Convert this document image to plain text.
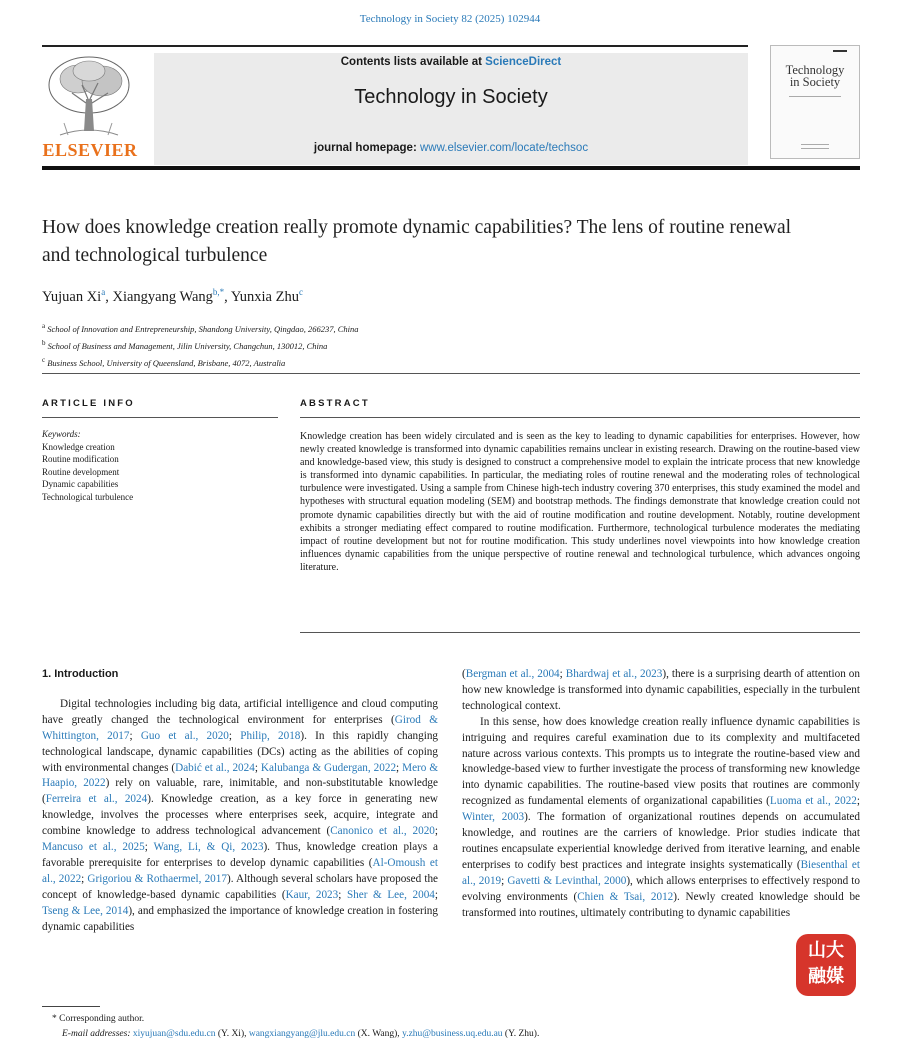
Technology in Society 82 (2025) 102944
ELSEVIER
Contents lists available at ScienceDirect
Technology in Society
journal homepage: www.elsevier.com/locate/techsoc
Technology
in Society
How does knowledge creation really promote dynamic capabilities? The lens of routine renewal and technological turbulence
Yujuan Xi$^a$, Xiangyang Wang$^{b,*}$, Yunxia Zhu$^c$
$^a$ School of Innovation and Entrepreneurship, Shandong University, Qingdao, 266237, China
$^b$ School of Business and Management, Jilin University, Changchun, 130012, China
$^c$ Business School, University of Queensland, Brisbane, 4072, Australia
ARTICLE INFO	ABSTRACT
Keywords:
Knowledge creation
Routine modification
Routine development
Dynamic capabilities
Technological turbulence
Knowledge creation has been widely circulated and is seen as the key to leading to dynamic capabilities for enterprises. However, how newly created knowledge is transformed into dynamic capabilities remains unclear in existing research. Drawing on the routine-based view and knowledge-based view, this study is designed to construct a comprehensive model to explain the intricate process that new knowledge is transformed into dynamic capabilities. In particular, the mediating roles of routine renewal and the moderating roles of technological turbulence were investigated. Using a sample from Chinese high-tech industry covering 370 enterprises, this study examined the model and hypotheses with structural equation modeling (SEM) and bootstrap methods. The findings demonstrate that knowledge creation could not promote dynamic capabilities directly but with the aid of routine modification and routine development. Notably, routine development exhibits a stronger mediating effect compared to routine modification. Furthermore, technological turbulence moderates the mediating impact of routine development but not for routine modification. This study underlines novel viewpoints into how knowledge creation influences dynamic capabilities from the unique perspective of routine renewal and technological turbulence, which advances ongoing literature.
1. Introduction

Digital technologies including big data, artificial intelligence and cloud computing have greatly changed the technological environment for enterprises (Girod & Whittington, 2017; Guo et al., 2020; Philip, 2018). In this rapidly changing technological landscape, dynamic capabilities (DCs) acting as the abilities of coping with environmental changes (Dabić et al., 2024; Kalubanga & Gudergan, 2022; Mero & Haapio, 2022) rely on valuable, rare, inimitable, and non-substitutable knowledge (Ferreira et al., 2024). Knowledge creation, as a key force in generating new knowledge, involves the processes where enterprises seek, acquire, integrate and combine knowledge to address technological advancement (Canonico et al., 2020; Mancuso et al., 2025; Wang, Li, & Qi, 2023). Thus, knowledge creation plays a favorable prerequisite for enterprises to develop dynamic capabilities (Al-Omoush et al., 2022; Grigoriou & Rothaermel, 2017). Although several scholars have proposed the concept of knowledge-based dynamic capabilities (Kaur, 2023; Sher & Lee, 2004; Tseng & Lee, 2014), and emphasized the importance of knowledge creation in fostering dynamic capabilities

(Bergman et al., 2004; Bhardwaj et al., 2023), there is a surprising dearth of attention on how new knowledge is transformed into dynamic capabilities, especially in the turbulent technological context.

In this sense, how does knowledge creation really influence dynamic capabilities is intriguing and requires careful examination due to its complexity and multifaceted nature across various contexts. This prompts us to integrate the routine-based view and knowledge-based view to further investigate the process of transforming new knowledge into dynamic capabilities. The routine-based view posits that routines are commonly recognized as fundamental elements of organizational capabilities (Luoma et al., 2022; Winter, 2003). The formation of organizational routines depends on accumulated knowledge, and routines are the carriers of knowledge. Prior studies indicate that routines encapsulate experiential knowledge derived from iterative learning, and enable enterprises to codify best practices and integrate insights systematically (Biesenthal et al., 2019; Gavetti & Levinthal, 2000), which allows enterprises to effectively respond to evolving environments (Chien & Tsai, 2012). Newly created knowledge should be transformed into routines, ultimately contributing to dynamic capabilities

* Corresponding author.
E-mail addresses: xiyujuan@sdu.edu.cn (Y. Xi), wangxiangyang@jlu.edu.cn (X. Wang), y.zhu@business.uq.edu.au (Y. Zhu).
山大
融媒
